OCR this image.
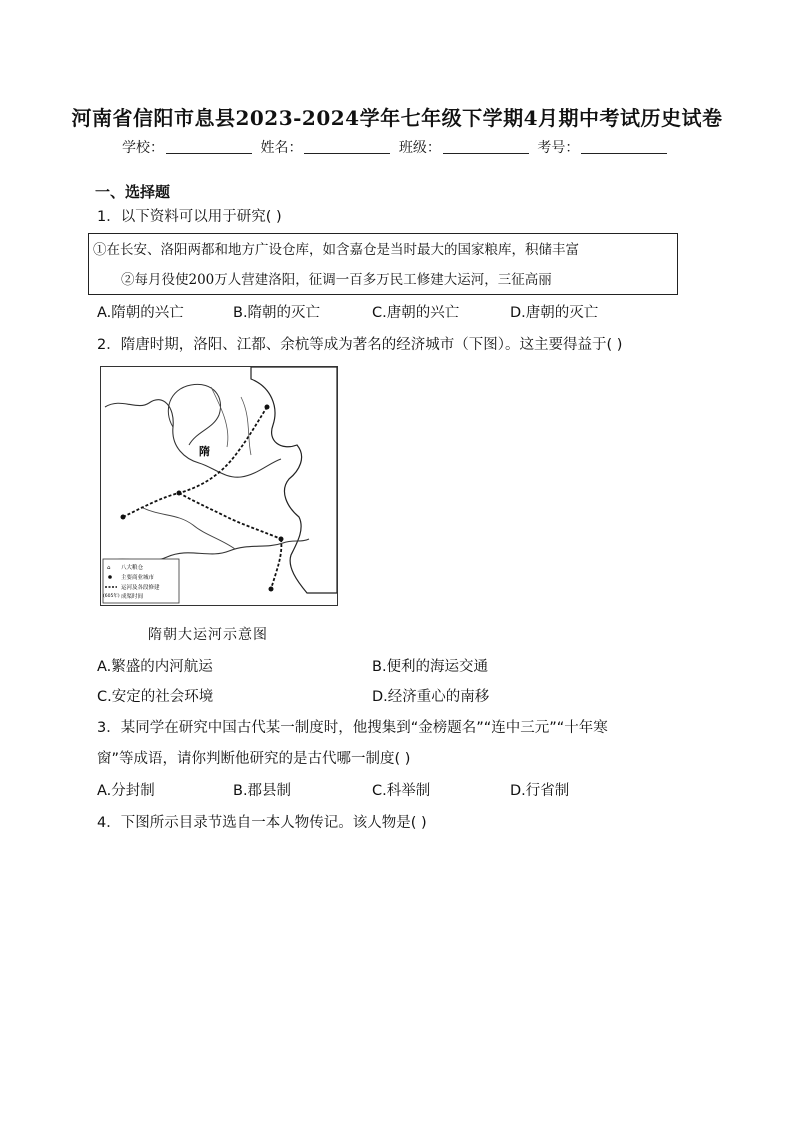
河南省信阳市息县2023-2024学年七年级下学期4月期中考试历史试卷
学校：	姓名：	班级：	考号：
一、选择题
1．以下资料可以用于研究( )
①在长安、洛阳两都和地方广设仓库，如含嘉仓是当时最大的国家粮库，积储丰富
②每月役使200万人营建洛阳，征调一百多万民工修建大运河，三征高丽
A.隋朝的兴亡	B.隋朝的灭亡	C.唐朝的兴亡	D.唐朝的灭亡
2．隋唐时期，洛阳、江都、余杭等成为著名的经济城市（下图）。这主要得益于( )
隋
⌂ 八大粮仓
主要商业城市
运河及各段修建
(605年) 成渠时间
隋朝大运河示意图
A.繁盛的内河航运	B.便利的海运交通
C.安定的社会环境	D.经济重心的南移
3．某同学在研究中国古代某一制度时，他搜集到“金榜题名”“连中三元”“十年寒
窗”等成语，请你判断他研究的是古代哪一制度( )
A.分封制	B.郡县制	C.科举制	D.行省制
4．下图所示目录节选自一本人物传记。该人物是( )
